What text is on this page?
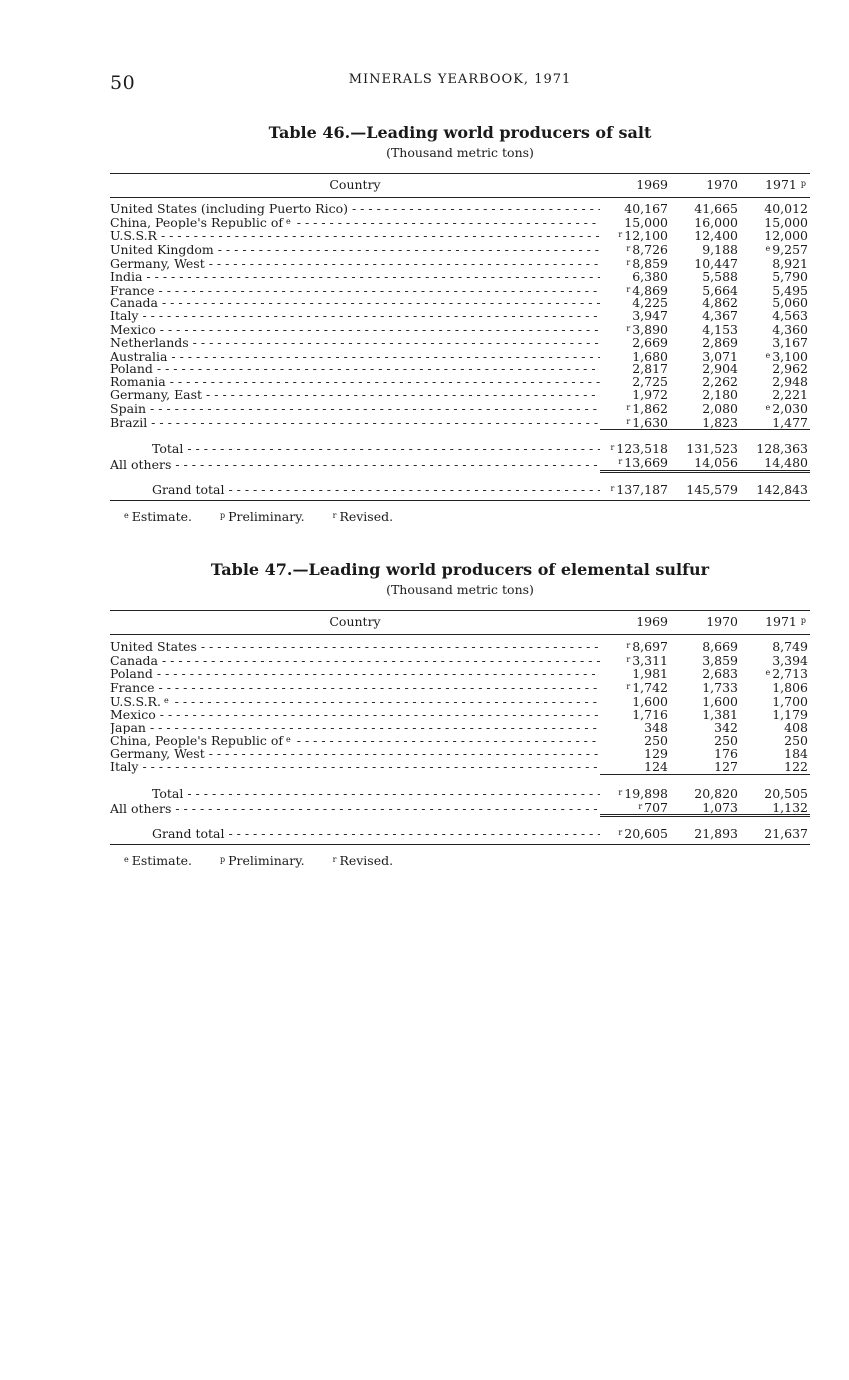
50	MINERALS YEARBOOK, 1971

Table 46.—Leading world producers of salt

(Thousand metric tons)
Country	1969	1970	1971 $^p$

United States (including Puerto Rico) - - -	40,167	41,665	40,012

China, People's Republic of $^e$ - - -	15,000	16,000	15,000

U.S.S.R - - -	$^r$ 12,100	12,400	12,000

United Kingdom - - -	$^r$ 8,726	9,188	$^e$ 9,257

Germany, West - - -	$^r$ 8,859	10,447	8,921

India - - -	6,380	5,588	5,790

France - - -	$^r$ 4,869	5,664	5,495

Canada - - -	4,225	4,862	5,060

Italy - - -	3,947	4,367	4,563

Mexico - - -	$^r$ 3,890	4,153	4,360

Netherlands - - -	2,669	2,869	3,167

Australia - - -	1,680	3,071	$^e$ 3,100

Poland - - -	2,817	2,904	2,962

Romania - - -	2,725	2,262	2,948

Germany, East - - -	1,972	2,180	2,221

Spain - - -	$^r$ 1,862	2,080	$^e$ 2,030

Brazil - - -	$^r$ 1,630	1,823	1,477

Total - - -	$^r$ 123,518	131,523	128,363

All others - - -	$^r$ 13,669	14,056	14,480

Grand total - - -	$^r$ 137,187	145,579	142,843
$^e$ Estimate.	$^p$ Preliminary.	$^r$ Revised.

Table 47.—Leading world producers of elemental sulfur

(Thousand metric tons)
Country	1969	1970	1971 $^p$

United States - - -	$^r$ 8,697	8,669	8,749

Canada - - -	$^r$ 3,311	3,859	3,394

Poland - - -	1,981	2,683	$^e$ 2,713

France - - -	$^r$ 1,742	1,733	1,806

U.S.S.R. $^e$ - - -	1,600	1,600	1,700

Mexico - - -	1,716	1,381	1,179

Japan - - -	348	342	408

China, People's Republic of $^e$ - - -	250	250	250

Germany, West - - -	129	176	184

Italy - - -	124	127	122

Total - - -	$^r$ 19,898	20,820	20,505

All others - - -	$^r$ 707	1,073	1,132

Grand total - - -	$^r$ 20,605	21,893	21,637
$^e$ Estimate.	$^p$ Preliminary.	$^r$ Revised.
